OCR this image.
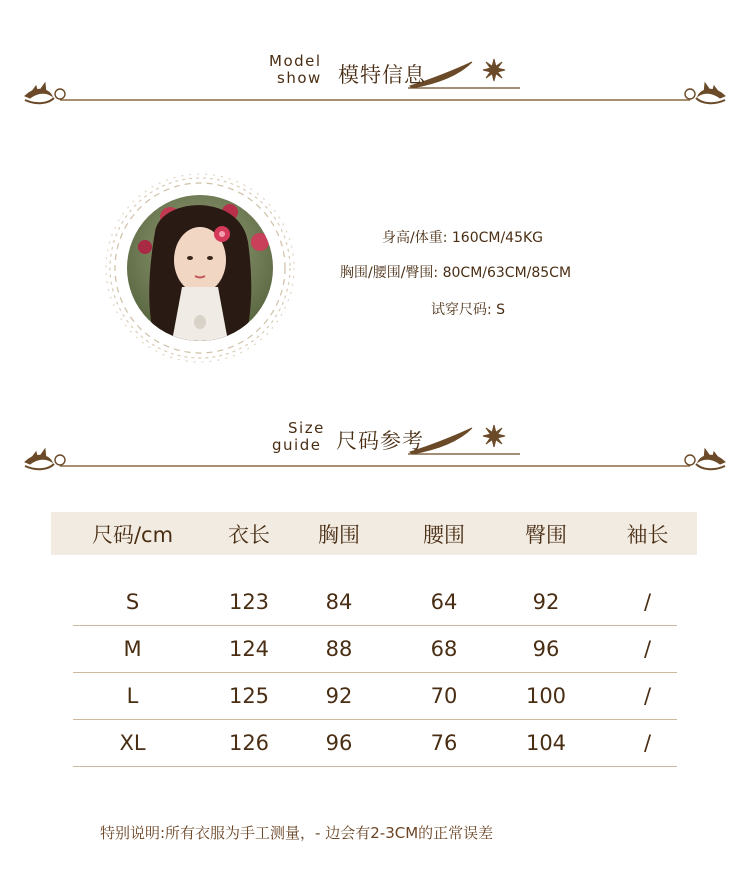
Model
show 模特信息
身高/体重: 160CM/45KG
胸围/腰围/臀围: 80CM/63CM/85CM
试穿尺码: S
Size
guide 尺码参考
尺码/cm	衣长	胸围	腰围	臀围	袖长

S	123	84	64	92	/
M	124	88	68	96	/
L	125	92	70	100	/
XL	126	96	76	104	/
特别说明:所有衣服为手工测量，- 边会有2-3CM的正常误差
